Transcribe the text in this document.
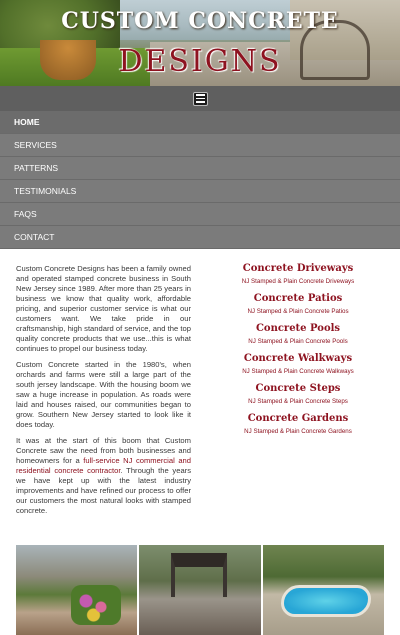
CUSTOM CONCRETE
DESIGNS
HOME
SERVICES
PATTERNS
TESTIMONIALS
FAQS
CONTACT

Custom Concrete Designs has been a family owned and operated stamped concrete business in South New Jersey since 1989. After more than 25 years in business we know that quality work, affordable pricing, and superior customer service is what our customers want. We take pride in our craftsmanship, high standard of service, and the top quality concrete products that we use...this is what continues to propel our business today.

Custom Concrete started in the 1980's, when orchards and farms were still a large part of the south jersey landscape. With the housing boom we saw a huge increase in population. As roads were laid and houses raised, our communities began to grow. Southern New Jersey started to look like it does today.

It was at the start of this boom that Custom Concrete saw the need from both businesses and homeowners for a full-service NJ commercial and residential concrete contractor. Through the years we have kept up with the latest industry improvements and have refined our process to offer our customers the most natural looks with stamped concrete.

Concrete Driveways
NJ Stamped & Plain Concrete Driveways
Concrete Patios
NJ Stamped & Plain Concrete Patios
Concrete Pools
NJ Stamped & Plain Concrete Pools
Concrete Walkways
NJ Stamped & Plain Concrete Walkways
Concrete Steps
NJ Stamped & Plain Concrete Steps
Concrete Gardens
NJ Stamped & Plain Concrete Gardens
